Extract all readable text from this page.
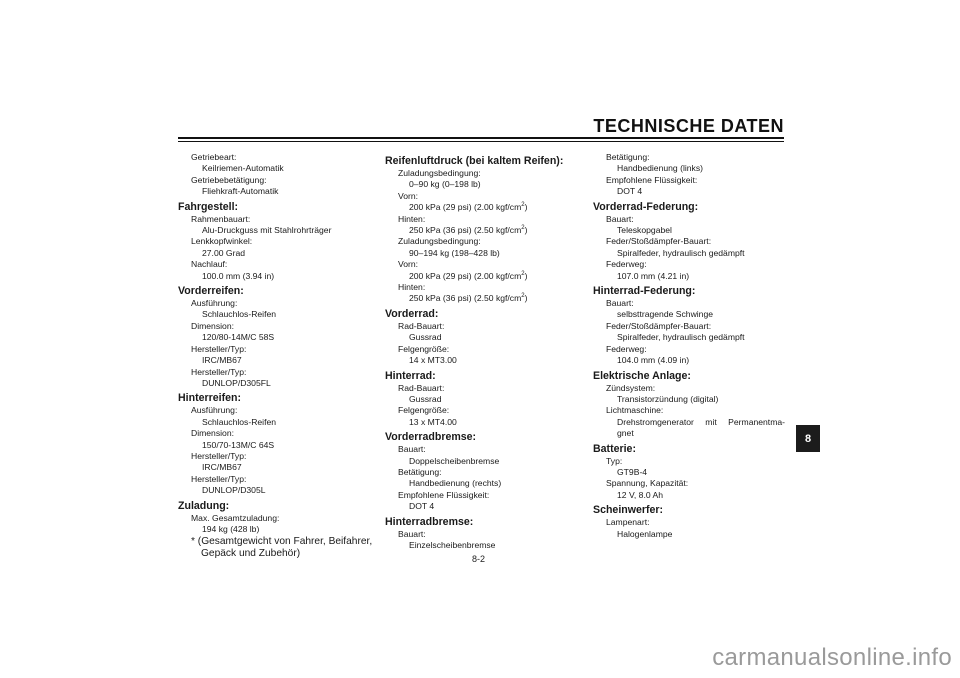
TECHNISCHE DATEN
Getriebeart:
Keilriemen-Automatik
Getriebebetätigung:
Fliehkraft-Automatik
Fahrgestell:
Rahmenbauart:
Alu-Druckguss mit Stahlrohrträger
Lenkkopfwinkel:
27.00 Grad
Nachlauf:
100.0 mm (3.94 in)
Vorderreifen:
Ausführung:
Schlauchlos-Reifen
Dimension:
120/80-14M/C 58S
Hersteller/Typ:
IRC/MB67
Hersteller/Typ:
DUNLOP/D305FL
Hinterreifen:
Ausführung:
Schlauchlos-Reifen
Dimension:
150/70-13M/C 64S
Hersteller/Typ:
IRC/MB67
Hersteller/Typ:
DUNLOP/D305L
Zuladung:
Max. Gesamtzuladung:
194 kg (428 lb)
* (Gesamtgewicht von Fahrer, Beifahrer, Gepäck und Zubehör)
Reifenluftdruck (bei kaltem Reifen):
Zuladungsbedingung:
0–90 kg (0–198 lb)
Vorn:
200 kPa (29 psi) (2.00 kgf/$cm^2$)
Hinten:
250 kPa (36 psi) (2.50 kgf/$cm^2$)
Zuladungsbedingung:
90–194 kg (198–428 lb)
Vorn:
200 kPa (29 psi) (2.00 kgf/$cm^2$)
Hinten:
250 kPa (36 psi) (2.50 kgf/$cm^2$)
Vorderrad:
Rad-Bauart:
Gussrad
Felgengröße:
14 x MT3.00
Hinterrad:
Rad-Bauart:
Gussrad
Felgengröße:
13 x MT4.00
Vorderradbremse:
Bauart:
Doppelscheibenbremse
Betätigung:
Handbedienung (rechts)
Empfohlene Flüssigkeit:
DOT 4
Hinterradbremse:
Bauart:
Einzelscheibenbremse
Betätigung:
Handbedienung (links)
Empfohlene Flüssigkeit:
DOT 4
Vorderrad-Federung:
Bauart:
Teleskopgabel
Feder/Stoßdämpfer-Bauart:
Spiralfeder, hydraulisch gedämpft
Federweg:
107.0 mm (4.21 in)
Hinterrad-Federung:
Bauart:
selbsttragende Schwinge
Feder/Stoßdämpfer-Bauart:
Spiralfeder, hydraulisch gedämpft
Federweg:
104.0 mm (4.09 in)
Elektrische Anlage:
Zündsystem:
Transistorzündung (digital)
Lichtmaschine:
Drehstromgenerator mit Permanentma-
gnet
Batterie:
Typ:
GT9B-4
Spannung, Kapazität:
12 V, 8.0 Ah
Scheinwerfer:
Lampenart:
Halogenlampe
8
8-2
carmanualsonline.info
